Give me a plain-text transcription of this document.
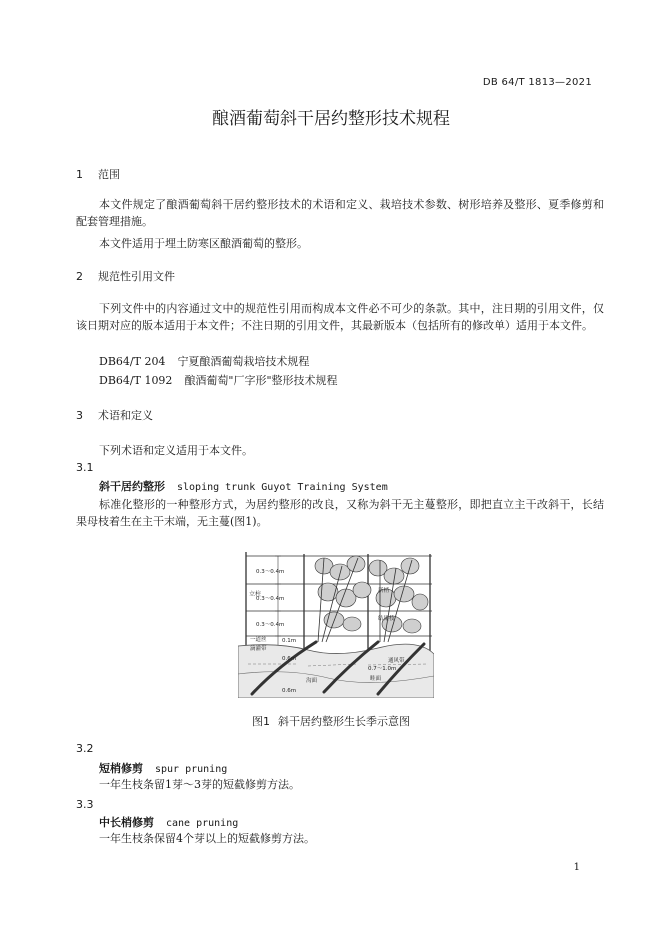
DB 64/T 1813—2021
酿酒葡萄斜干居约整形技术规程
1 范围
本文件规定了酿酒葡萄斜干居约整形技术的术语和定义、栽培技术参数、树形培养及整形、夏季修剪和配套管理措施。
本文件适用于埋土防寒区酿酒葡萄的整形。
2 规范性引用文件
下列文件中的内容通过文中的规范性引用而构成本文件必不可少的条款。其中，注日期的引用文件，仅该日期对应的版本适用于本文件；不注日期的引用文件，其最新版本（包括所有的修改单）适用于本文件。
DB64/T 204 宁夏酿酒葡萄栽培技术规程
DB64/T 1092 酿酒葡萄"厂字形"整形技术规程
3 术语和定义
下列术语和定义适用于本文件。
3.1
斜干居约整形 sloping trunk Guyot Training System
标准化整形的一种整形方式，为居约整形的改良，又称为斜干无主蔓整形，即把直立主干改斜干，长结果母枝着生在主干末端，无主蔓(图1)。
0.3～0.4m
0.3～0.4m
0.3～0.4m
立柱
一道丝
结果枝
0.1m
新梢
滴灌带
通风带
0.6m
沟面
0.7～1.0m
畦面
0.6m
图1 斜干居约整形生长季示意图
3.2
短梢修剪 spur pruning
一年生枝条留1芽～3芽的短截修剪方法。
3.3
中长梢修剪 cane pruning
一年生枝条保留4个芽以上的短截修剪方法。
1
